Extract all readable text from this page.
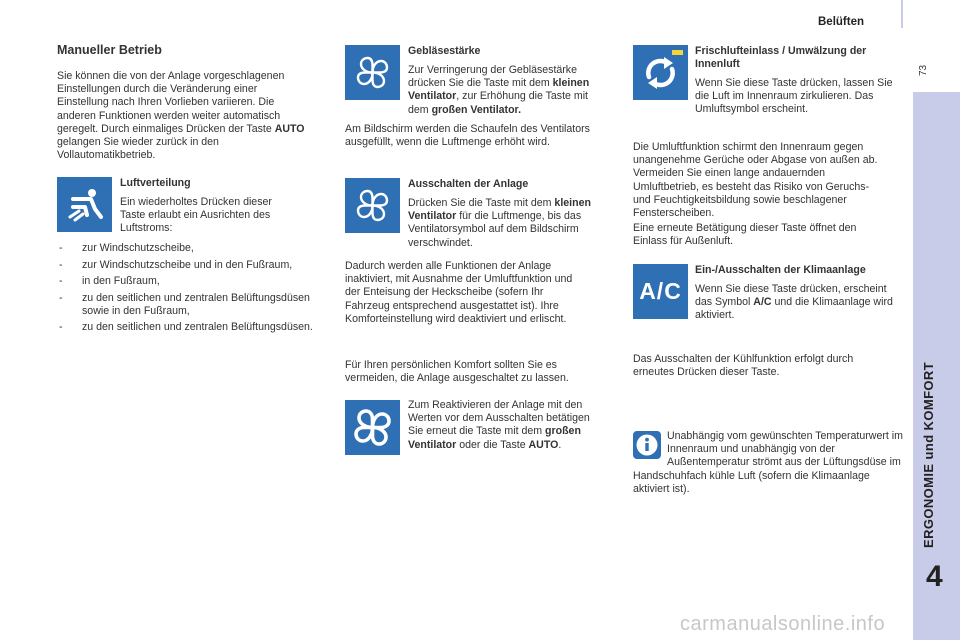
Belüften
73
ERGONOMIE und KOMFORT
4
Manueller Betrieb

Sie können die von der Anlage vorgeschlagenen Einstellungen durch die Veränderung einer Einstellung nach Ihren Vorlieben variieren. Die anderen Funktionen werden weiter automatisch geregelt. Durch einmaliges Drücken der Taste AUTO gelangen Sie wieder zurück in den Vollautomatikbetrieb.

Luftverteilung

Ein wiederholtes Drücken dieser Taste erlaubt ein Ausrichten des Luftstroms:

- zur Windschutzscheibe,
- zur Windschutzscheibe und in den Fußraum,
- in den Fußraum,
- zu den seitlichen und zentralen Belüftungsdüsen sowie in den Fußraum,
- zu den seitlichen und zentralen Belüftungsdüsen.
Gebläsestärke

Zur Verringerung der Gebläsestärke drücken Sie die Taste mit dem kleinen Ventilator, zur Erhöhung die Taste mit dem großen Ventilator.

Am Bildschirm werden die Schaufeln des Ventilators ausgefüllt, wenn die Luftmenge erhöht wird.

Ausschalten der Anlage

Drücken Sie die Taste mit dem kleinen Ventilator für die Luftmenge, bis das Ventilatorsymbol auf dem Bildschirm verschwindet.

Dadurch werden alle Funktionen der Anlage inaktiviert, mit Ausnahme der Umluftfunktion und der Enteisung der Heckscheibe (sofern Ihr Fahrzeug entsprechend ausgestattet ist). Ihre Komforteinstellung wird deaktiviert und erlischt.

Für Ihren persönlichen Komfort sollten Sie es vermeiden, die Anlage ausgeschaltet zu lassen.

Zum Reaktivieren der Anlage mit den Werten vor dem Ausschalten betätigen Sie erneut die Taste mit dem großen Ventilator oder die Taste AUTO.

Frischlufteinlass / Umwälzung der Innenluft

Wenn Sie diese Taste drücken, lassen Sie die Luft im Innenraum zirkulieren. Das Umluftsymbol erscheint.

Die Umluftfunktion schirmt den Innenraum gegen unangenehme Gerüche oder Abgase von außen ab. Vermeiden Sie einen lange andauernden Umluftbetrieb, es besteht das Risiko von Geruchs- und Feuchtigkeitsbildung sowie beschlagener Fensterscheiben.

Eine erneute Betätigung dieser Taste öffnet den Einlass für Außenluft.

A/C
Ein-/Ausschalten der Klimaanlage

Wenn Sie diese Taste drücken, erscheint das Symbol A/C und die Klimaanlage wird aktiviert.

Das Ausschalten der Kühlfunktion erfolgt durch erneutes Drücken dieser Taste.

Unabhängig vom gewünschten Temperaturwert im Innenraum und unabhängig von der Außentemperatur strömt aus der Lüftungsdüse im Handschuhfach kühle Luft (sofern die Klimaanlage aktiviert ist).

carmanualsonline.info
